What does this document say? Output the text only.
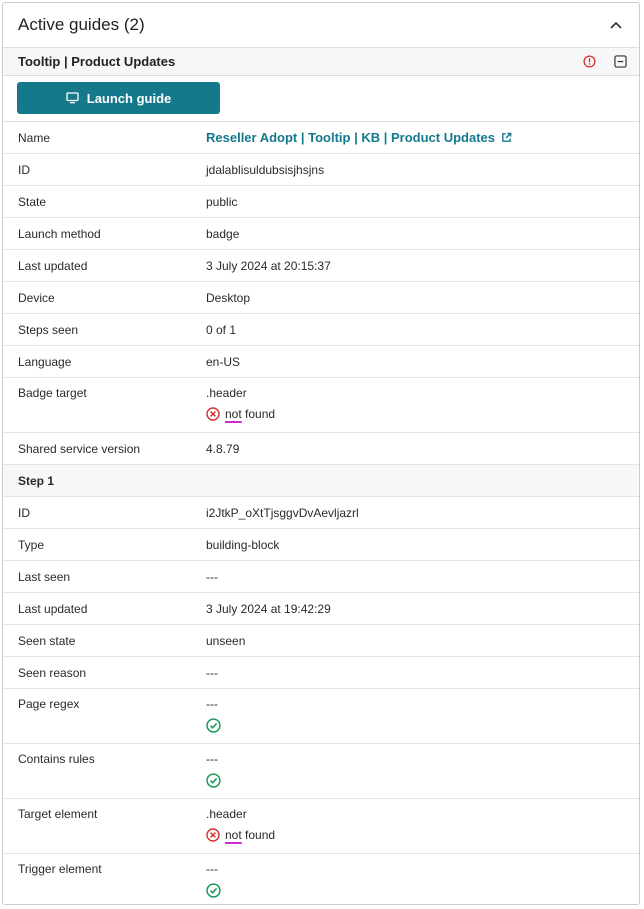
Active guides (2)
Tooltip | Product Updates
Launch guide
Name	Reseller Adopt | Tooltip | KB | Product Updates
ID	jdalablisuldubsisjhsjns
State	public
Launch method	badge
Last updated	3 July 2024 at 20:15:37
Device	Desktop
Steps seen	0 of 1
Language	en-US
Badge target	.header
not found
Shared service version	4.8.79
Step 1
ID	i2JtkP_oXtTjsggvDvAevljazrl
Type	building-block
Last seen	---
Last updated	3 July 2024 at 19:42:29
Seen state	unseen
Seen reason	---
Page regex	---
Contains rules	---
Target element	.header
not found
Trigger element	---
